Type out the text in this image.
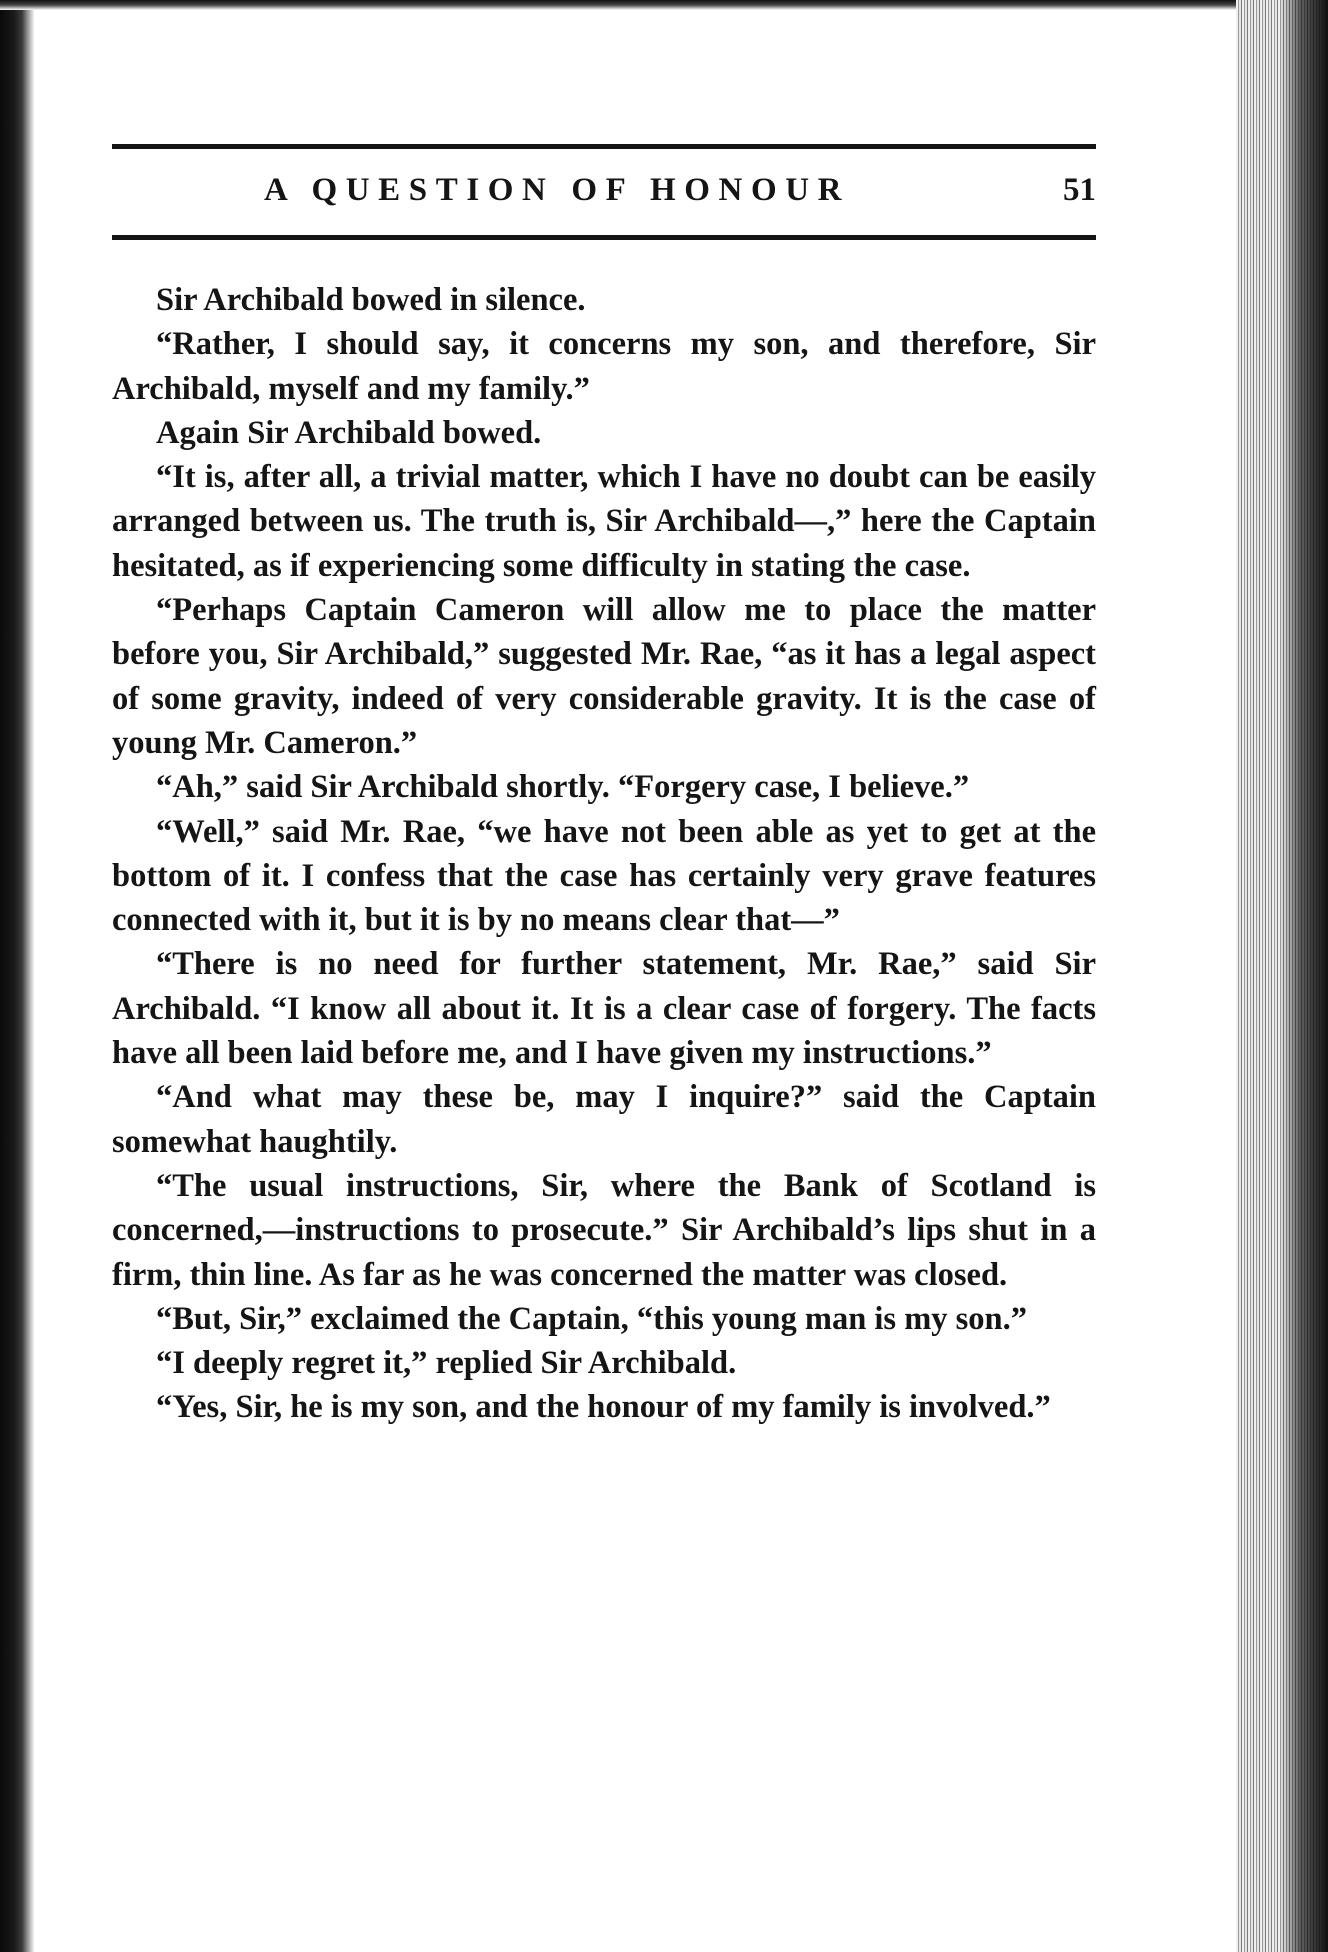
A QUESTION OF HONOUR	51

Sir Archibald bowed in silence.

“Rather, I should say, it concerns my son, and therefore, Sir Archibald, myself and my family.”

Again Sir Archibald bowed.

“It is, after all, a trivial matter, which I have no doubt can be easily arranged between us. The truth is, Sir Archibald—,” here the Captain hesitated, as if experiencing some difficulty in stating the case.

“Perhaps Captain Cameron will allow me to place the matter before you, Sir Archibald,” suggested Mr. Rae, “as it has a legal aspect of some gravity, indeed of very considerable gravity. It is the case of young Mr. Cameron.”

“Ah,” said Sir Archibald shortly. “Forgery case, I believe.”

“Well,” said Mr. Rae, “we have not been able as yet to get at the bottom of it. I confess that the case has certainly very grave features connected with it, but it is by no means clear that—”

“There is no need for further statement, Mr. Rae,” said Sir Archibald. “I know all about it. It is a clear case of forgery. The facts have all been laid before me, and I have given my instructions.”

“And what may these be, may I inquire?” said the Captain somewhat haughtily.

“The usual instructions, Sir, where the Bank of Scotland is concerned,—instructions to prosecute.” Sir Archibald’s lips shut in a firm, thin line. As far as he was concerned the matter was closed.

“But, Sir,” exclaimed the Captain, “this young man is my son.”

“I deeply regret it,” replied Sir Archibald.

“Yes, Sir, he is my son, and the honour of my family is involved.”
